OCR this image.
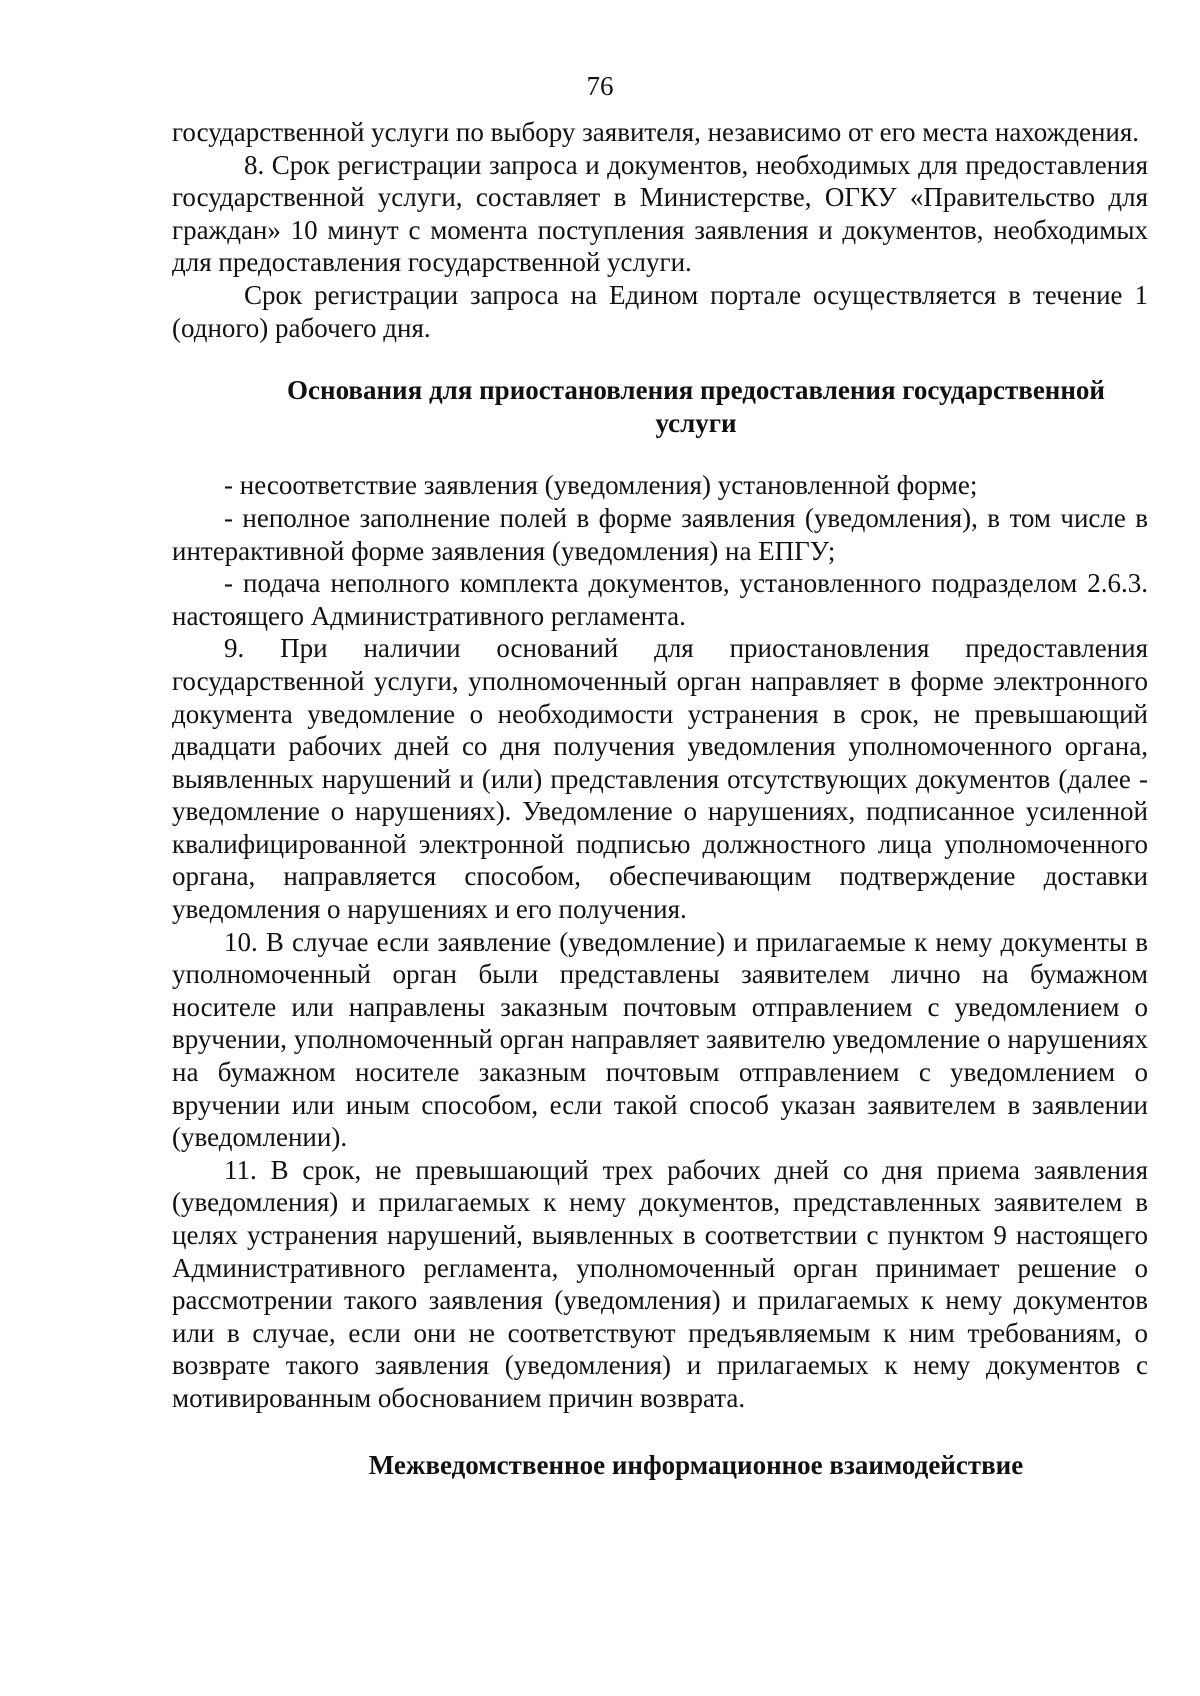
76

государственной услуги по выбору заявителя, независимо от его места нахождения.

8. Срок регистрации запроса и документов, необходимых для предоставления государственной услуги, составляет в Министерстве, ОГКУ «Правительство для граждан» 10 минут с момента поступления заявления и документов, необходимых для предоставления государственной услуги.

Срок регистрации запроса на Едином портале осуществляется в течение 1 (одного) рабочего дня.

Основания для приостановления предоставления государственной услуги

- несоответствие заявления (уведомления) установленной форме;

- неполное заполнение полей в форме заявления (уведомления), в том числе в интерактивной форме заявления (уведомления) на ЕПГУ;

- подача неполного комплекта документов, установленного подразделом 2.6.3. настоящего Административного регламента.

9. При наличии оснований для приостановления предоставления государственной услуги, уполномоченный орган направляет в форме электронного документа уведомление о необходимости устранения в срок, не превышающий двадцати рабочих дней со дня получения уведомления уполномоченного органа, выявленных нарушений и (или) представления отсутствующих документов (далее - уведомление о нарушениях). Уведомление о нарушениях, подписанное усиленной квалифицированной электронной подписью должностного лица уполномоченного органа, направляется способом, обеспечивающим подтверждение доставки уведомления о нарушениях и его получения.

10. В случае если заявление (уведомление) и прилагаемые к нему документы в уполномоченный орган были представлены заявителем лично на бумажном носителе или направлены заказным почтовым отправлением с уведомлением о вручении, уполномоченный орган направляет заявителю уведомление о нарушениях на бумажном носителе заказным почтовым отправлением с уведомлением о вручении или иным способом, если такой способ указан заявителем в заявлении (уведомлении).

11. В срок, не превышающий трех рабочих дней со дня приема заявления (уведомления) и прилагаемых к нему документов, представленных заявителем в целях устранения нарушений, выявленных в соответствии с пунктом 9 настоящего Административного регламента, уполномоченный орган принимает решение о рассмотрении такого заявления (уведомления) и прилагаемых к нему документов или в случае, если они не соответствуют предъявляемым к ним требованиям, о возврате такого заявления (уведомления) и прилагаемых к нему документов с мотивированным обоснованием причин возврата.

Межведомственное информационное взаимодействие
